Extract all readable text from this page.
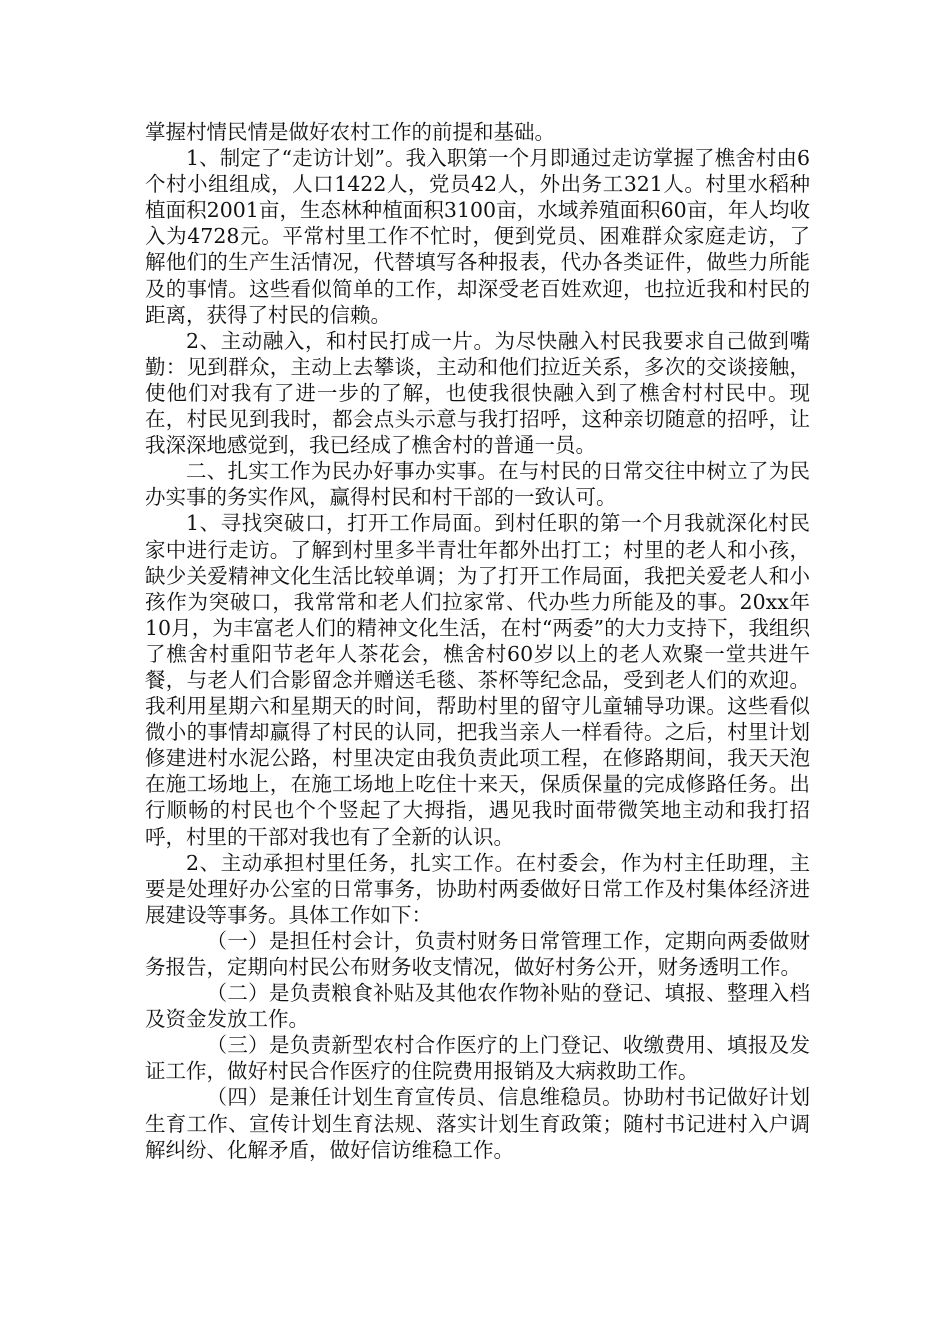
掌握村情民情是做好农村工作的前提和基础。

1、制定了“走访计划”。我入职第一个月即通过走访掌握了樵舍村由6个村小组组成，人口1422人，党员42人，外出务工321人。村里水稻种植面积2001亩，生态林种植面积3100亩，水域养殖面积60亩，年人均收入为4728元。平常村里工作不忙时，便到党员、困难群众家庭走访，了解他们的生产生活情况，代替填写各种报表，代办各类证件，做些力所能及的事情。这些看似简单的工作，却深受老百姓欢迎，也拉近我和村民的距离，获得了村民的信赖。

2、主动融入，和村民打成一片。为尽快融入村民我要求自己做到嘴勤：见到群众，主动上去攀谈，主动和他们拉近关系，多次的交谈接触，使他们对我有了进一步的了解，也使我很快融入到了樵舍村村民中。现在，村民见到我时，都会点头示意与我打招呼，这种亲切随意的招呼，让我深深地感觉到，我已经成了樵舍村的普通一员。

二、扎实工作为民办好事办实事。在与村民的日常交往中树立了为民办实事的务实作风，赢得村民和村干部的一致认可。

1、寻找突破口，打开工作局面。到村任职的第一个月我就深化村民家中进行走访。了解到村里多半青壮年都外出打工；村里的老人和小孩，缺少关爱精神文化生活比较单调；为了打开工作局面，我把关爱老人和小孩作为突破口，我常常和老人们拉家常、代办些力所能及的事。20xx年10月，为丰富老人们的精神文化生活，在村“两委”的大力支持下，我组织了樵舍村重阳节老年人茶花会，樵舍村60岁以上的老人欢聚一堂共进午餐，与老人们合影留念并赠送毛毯、茶杯等纪念品，受到老人们的欢迎。我利用星期六和星期天的时间，帮助村里的留守儿童辅导功课。这些看似微小的事情却赢得了村民的认同，把我当亲人一样看待。之后，村里计划修建进村水泥公路，村里决定由我负责此项工程，在修路期间，我天天泡在施工场地上，在施工场地上吃住十来天，保质保量的完成修路任务。出行顺畅的村民也个个竖起了大拇指，遇见我时面带微笑地主动和我打招呼，村里的干部对我也有了全新的认识。

2、主动承担村里任务，扎实工作。在村委会，作为村主任助理，主要是处理好办公室的日常事务，协助村两委做好日常工作及村集体经济进展建设等事务。具体工作如下：

（一）是担任村会计，负责村财务日常管理工作，定期向两委做财务报告，定期向村民公布财务收支情况，做好村务公开，财务透明工作。

（二）是负责粮食补贴及其他农作物补贴的登记、填报、整理入档及资金发放工作。

（三）是负责新型农村合作医疗的上门登记、收缴费用、填报及发证工作，做好村民合作医疗的住院费用报销及大病救助工作。

（四）是兼任计划生育宣传员、信息维稳员。协助村书记做好计划生育工作、宣传计划生育法规、落实计划生育政策；随村书记进村入户调解纠纷、化解矛盾，做好信访维稳工作。
